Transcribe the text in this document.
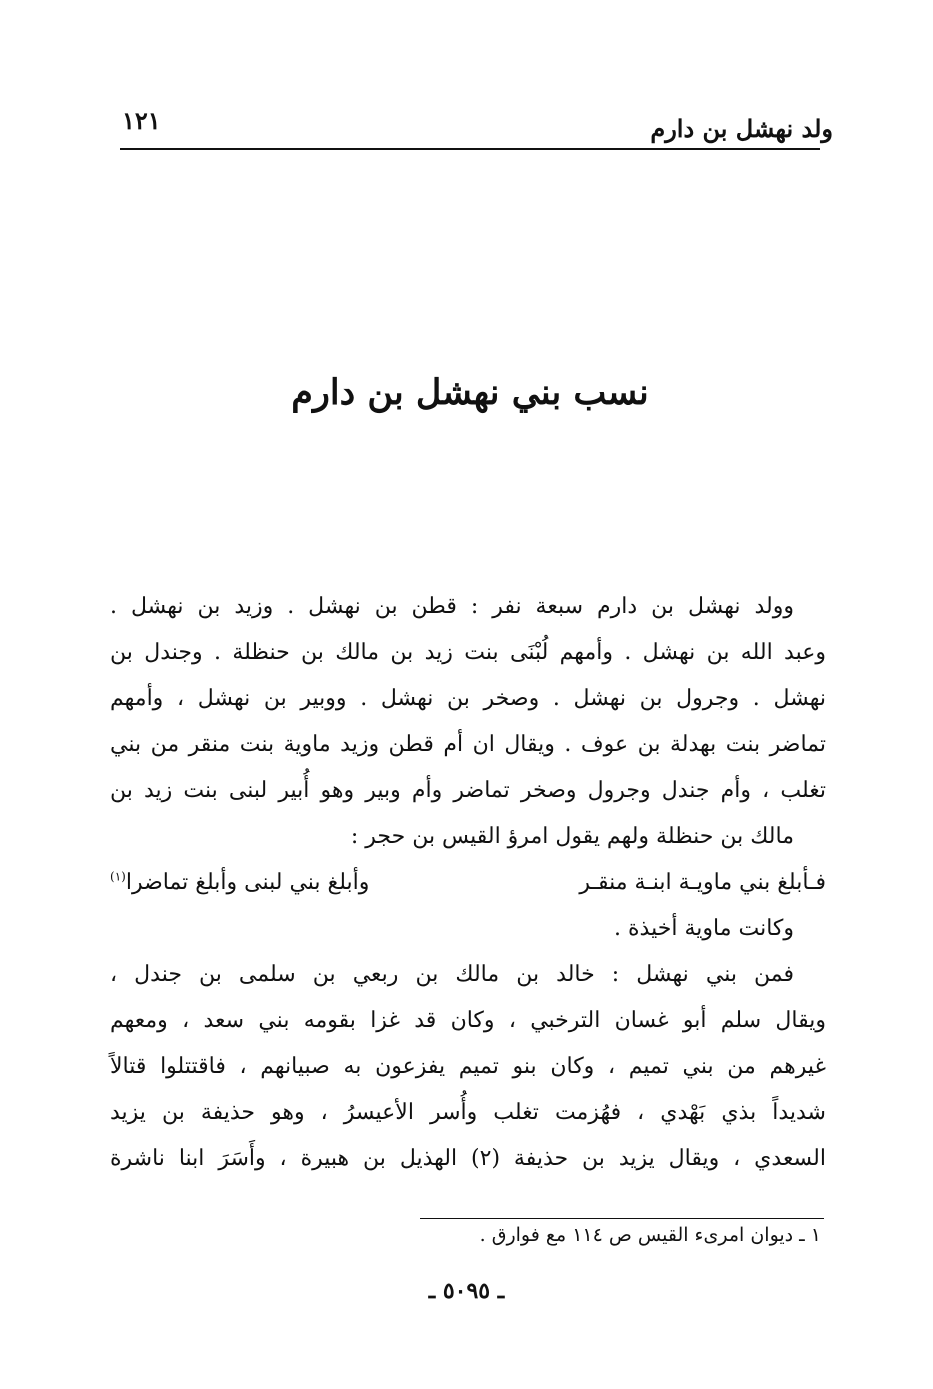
ولد نهشل بن دارم
١٢١
نسب بني نهشل بن دارم

وولد نهشل بن دارم سبعة نفر : قطن بن نهشل . وزيد بن نهشل .
وعبد الله بن نهشل . وأمهم لُبْنَى بنت زيد بن مالك بن حنظلة . وجندل بن
نهشل . وجرول بن نهشل . وصخر بن نهشل . ووبير بن نهشل ، وأمهم
تماضر بنت بهدلة بن عوف . ويقال ان أم قطن وزيد ماوية بنت منقر من بني
تغلب ، وأم جندل وجرول وصخر تماضر وأم وبير وهو أُبير لبنى بنت زيد بن
مالك بن حنظلة ولهم يقول امرؤ القيس بن حجر :

فـأبلغ بني ماويـة ابنـة منقـر
وأبلغ بني لبنى وأبلغ تماضرا$^{(١)}$

وكانت ماوية أخيذة .

فمن بني نهشل : خالد بن مالك بن ربعي بن سلمى بن جندل ،
ويقال سلم أبو غسان الترخبي ، وكان قد غزا بقومه بني سعد ، ومعهم
غيرهم من بني تميم ، وكان بنو تميم يفزعون به صبيانهم ، فاقتتلوا قتالاً
شديداً بذي بَهْدي ، فهُزمت تغلب وأُسر الأعيسرُ ، وهو حذيفة بن يزيد
السعدي ، ويقال يزيد بن حذيفة (٢) الهذيل بن هبيرة ، وأَسَرَ ابنا ناشرة

١ ـ ديوان امرىء القيس ص ١١٤ مع فوارق .
ـ ٥٠٩٥ ـ
